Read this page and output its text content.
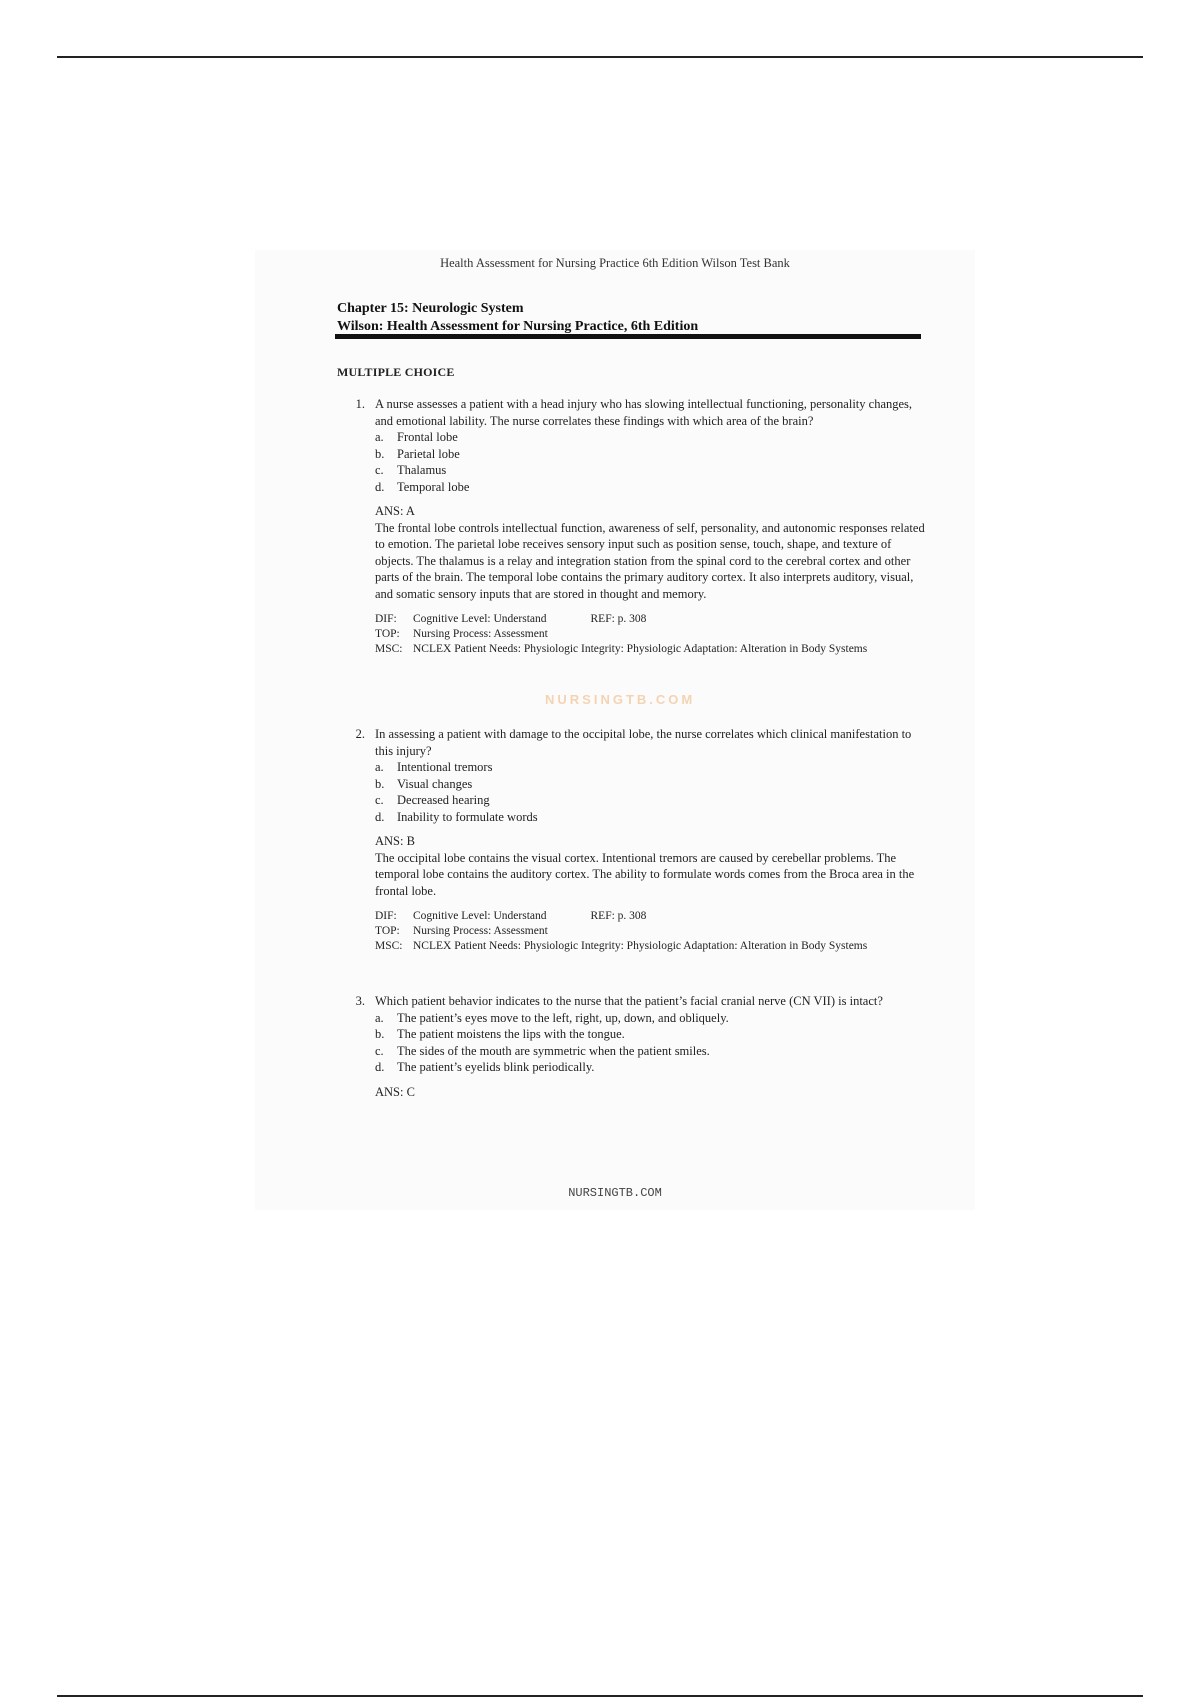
Health Assessment for Nursing Practice 6th Edition Wilson Test Bank
Chapter 15: Neurologic System
Wilson: Health Assessment for Nursing Practice, 6th Edition
MULTIPLE CHOICE
1. A nurse assesses a patient with a head injury who has slowing intellectual functioning, personality changes, and emotional lability. The nurse correlates these findings with which area of the brain?
a. Frontal lobe
b. Parietal lobe
c. Thalamus
d. Temporal lobe
ANS: A
The frontal lobe controls intellectual function, awareness of self, personality, and autonomic responses related to emotion. The parietal lobe receives sensory input such as position sense, touch, shape, and texture of objects. The thalamus is a relay and integration station from the spinal cord to the cerebral cortex and other parts of the brain. The temporal lobe contains the primary auditory cortex. It also interprets auditory, visual, and somatic sensory inputs that are stored in thought and memory.
DIF: Cognitive Level: Understand	REF: p. 308
TOP: Nursing Process: Assessment
MSC: NCLEX Patient Needs: Physiologic Integrity: Physiologic Adaptation: Alteration in Body Systems
NURSINGTB.COM
2. In assessing a patient with damage to the occipital lobe, the nurse correlates which clinical manifestation to this injury?
a. Intentional tremors
b. Visual changes
c. Decreased hearing
d. Inability to formulate words
ANS: B
The occipital lobe contains the visual cortex. Intentional tremors are caused by cerebellar problems. The temporal lobe contains the auditory cortex. The ability to formulate words comes from the Broca area in the frontal lobe.
DIF: Cognitive Level: Understand	REF: p. 308
TOP: Nursing Process: Assessment
MSC: NCLEX Patient Needs: Physiologic Integrity: Physiologic Adaptation: Alteration in Body Systems
3. Which patient behavior indicates to the nurse that the patient’s facial cranial nerve (CN VII) is intact?
a. The patient’s eyes move to the left, right, up, down, and obliquely.
b. The patient moistens the lips with the tongue.
c. The sides of the mouth are symmetric when the patient smiles.
d. The patient’s eyelids blink periodically.
ANS: C
NURSINGTB.COM
